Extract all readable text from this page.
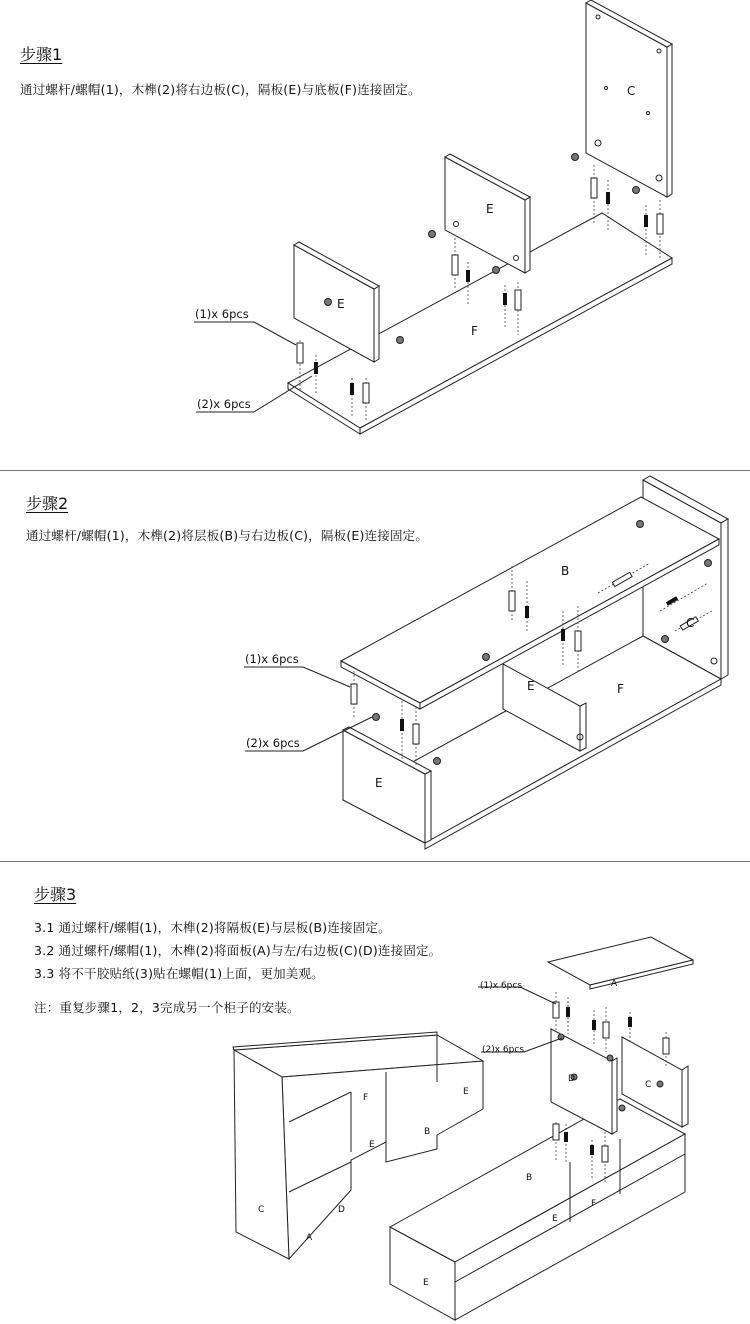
步骤1
通过螺杆/螺帽(1)，木榫(2)将右边板(C)，隔板(E)与底板(F)连接固定。	C
E
E
F
(1)x 6pcs
(2)x 6pcs
步骤2
通过螺杆/螺帽(1)，木榫(2)将层板(B)与右边板(C)，隔板(E)连接固定。
B
C
E	F
E
(1)x 6pcs
(2)x 6pcs
步骤3
3.1 通过螺杆/螺帽(1)，木榫(2)将隔板(E)与层板(B)连接固定。
3.2 通过螺杆/螺帽(1)，木榫(2)将面板(A)与左/右边板(C)(D)连接固定。
3.3 将不干胶贴纸(3)贴在螺帽(1)上面，更加美观。
注：重复步骤1，2，3完成另一个柜子的安装。
F
E
E
B
C	D
A
A
D
C
B
E
F
E
(1)x 6pcs
(2)x 6pcs
